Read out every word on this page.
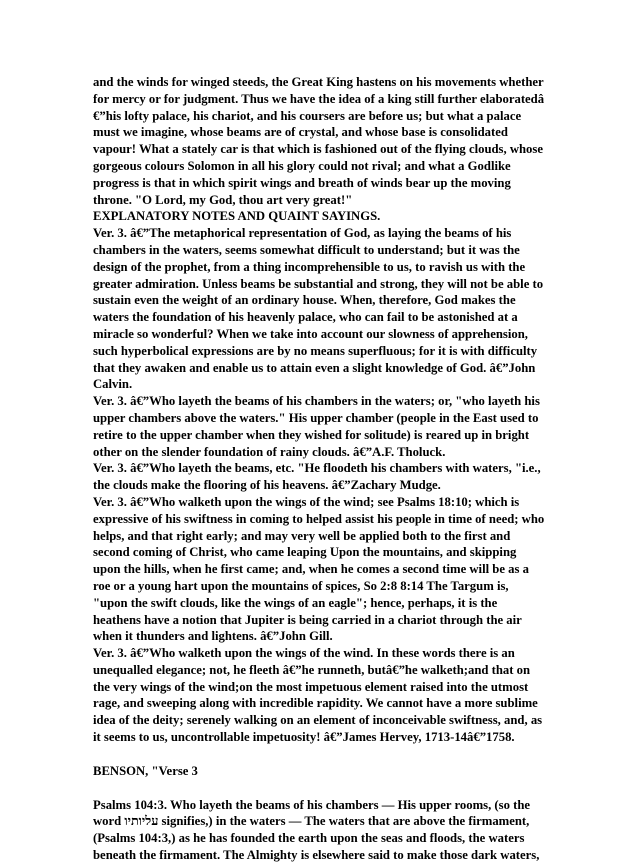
and the winds for winged steeds, the Great King hastens on his movements whether for mercy or for judgment. Thus we have the idea of a king still further elaboratedâ €”his lofty palace, his chariot, and his coursers are before us; but what a palace must we imagine, whose beams are of crystal, and whose base is consolidated vapour! What a stately car is that which is fashioned out of the flying clouds, whose gorgeous colours Solomon in all his glory could not rival; and what a Godlike progress is that in which spirit wings and breath of winds bear up the moving throne. "O Lord, my God, thou art very great!"

EXPLANATORY NOTES AND QUAINT SAYINGS.

Ver. 3. â€”The metaphorical representation of God, as laying the beams of his chambers in the waters, seems somewhat difficult to understand; but it was the design of the prophet, from a thing incomprehensible to us, to ravish us with the greater admiration. Unless beams be substantial and strong, they will not be able to sustain even the weight of an ordinary house. When, therefore, God makes the waters the foundation of his heavenly palace, who can fail to be astonished at a miracle so wonderful? When we take into account our slowness of apprehension, such hyperbolical expressions are by no means superfluous; for it is with difficulty that they awaken and enable us to attain even a slight knowledge of God. â€”John Calvin.

Ver. 3. â€”Who layeth the beams of his chambers in the waters; or, "who layeth his upper chambers above the waters." His upper chamber (people in the East used to retire to the upper chamber when they wished for solitude) is reared up in bright other on the slender foundation of rainy clouds. â€”A.F. Tholuck.

Ver. 3. â€”Who layeth the beams, etc. "He floodeth his chambers with waters, "i.e., the clouds make the flooring of his heavens. â€”Zachary Mudge.

Ver. 3. â€”Who walketh upon the wings of the wind; see Psalms 18:10; which is expressive of his swiftness in coming to helped assist his people in time of need; who helps, and that right early; and may very well be applied both to the first and second coming of Christ, who came leaping Upon the mountains, and skipping upon the hills, when he first came; and, when he comes a second time will be as a roe or a young hart upon the mountains of spices, So 2:8 8:14 The Targum is, "upon the swift clouds, like the wings of an eagle"; hence, perhaps, it is the heathens have a notion that Jupiter is being carried in a chariot through the air when it thunders and lightens. â€”John Gill.

Ver. 3. â€”Who walketh upon the wings of the wind. In these words there is an unequalled elegance; not, he fleeth â€”he runneth, butâ€”he walketh;and that on the very wings of the wind;on the most impetuous element raised into the utmost rage, and sweeping along with incredible rapidity. We cannot have a more sublime idea of the deity; serenely walking on an element of inconceivable swiftness, and, as it seems to us, uncontrollable impetuosity! â€”James Hervey, 1713-14â€”1758.

BENSON, "Verse 3

Psalms 104:3. Who layeth the beams of his chambers — His upper rooms, (so the word עליותיו signifies,) in the waters — The waters that are above the firmament, (Psalms 104:3,) as he has founded the earth upon the seas and floods, the waters beneath the firmament. The Almighty is elsewhere said to make those dark waters,
